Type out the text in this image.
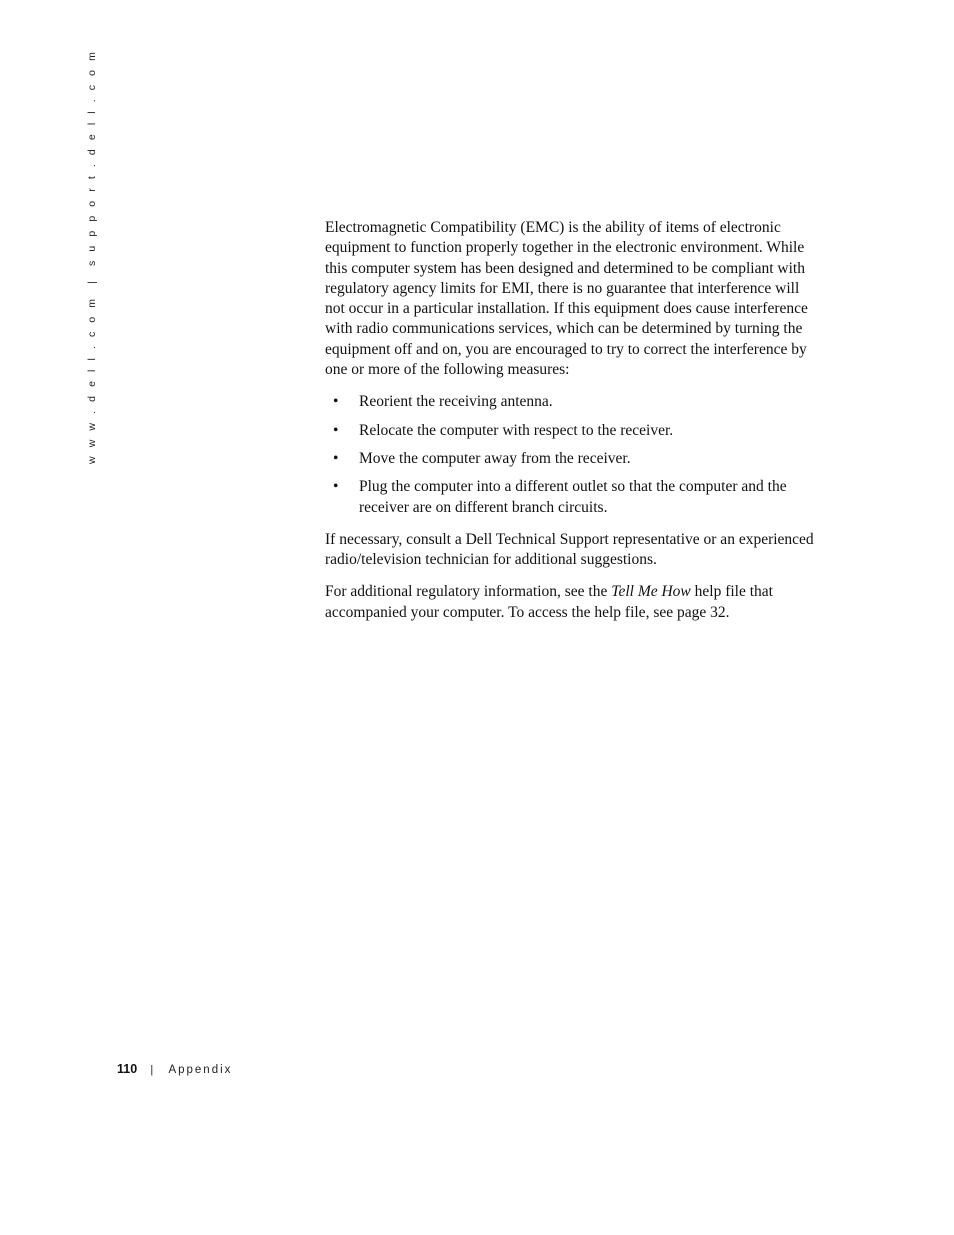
w w w . d e l l . c o m | s u p p o r t . d e l l . c o m	Electromagnetic Compatibility (EMC) is the ability of items of electronic equipment to function properly together in the electronic environment. While this computer system has been designed and determined to be compliant with regulatory agency limits for EMI, there is no guarantee that interference will not occur in a particular installation. If this equipment does cause interference with radio communications services, which can be determined by turning the equipment off and on, you are encouraged to try to correct the interference by one or more of the following measures:

• Reorient the receiving antenna.
• Relocate the computer with respect to the receiver.
• Move the computer away from the receiver.
• Plug the computer into a different outlet so that the computer and the receiver are on different branch circuits.

If necessary, consult a Dell Technical Support representative or an experienced radio/television technician for additional suggestions.

For additional regulatory information, see the Tell Me How help file that accompanied your computer. To access the help file, see page 32.

110 | Appendix
